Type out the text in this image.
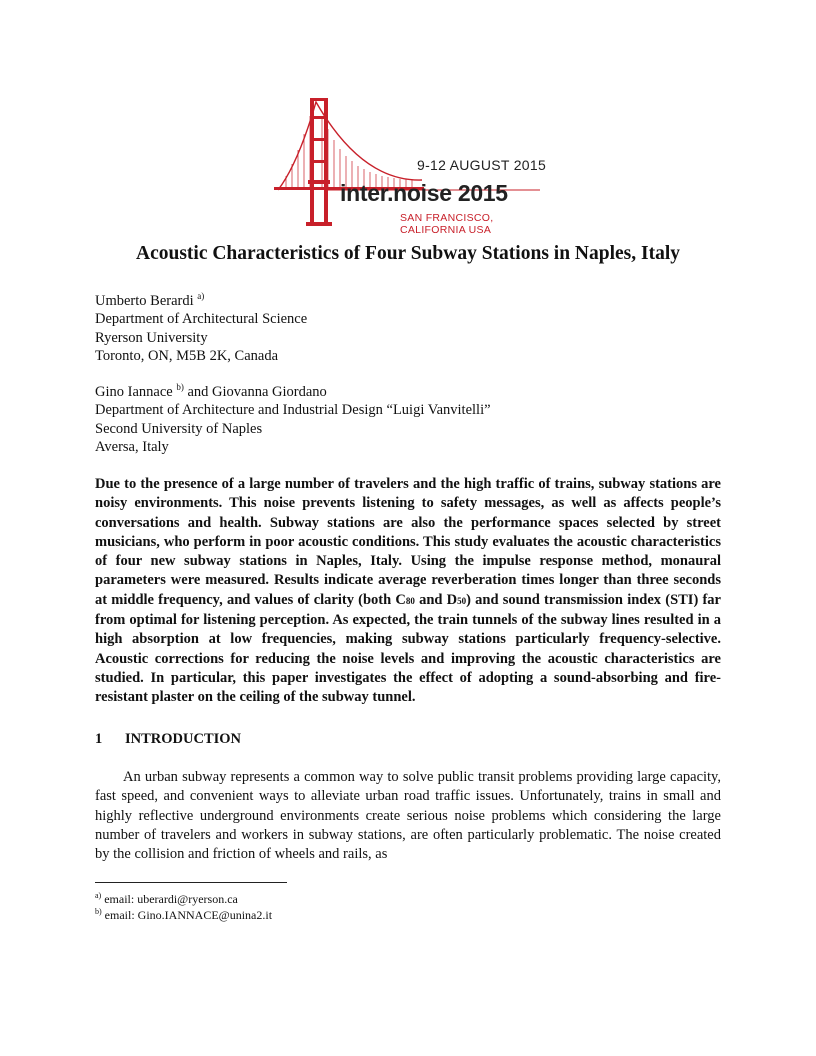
9-12 AUGUST 2015
inter.noise 2015
SAN FRANCISCO, CALIFORNIA USA
Acoustic Characteristics of Four Subway Stations in Naples, Italy
Umberto Berardi $^{a)}$
Department of Architectural Science
Ryerson University
Toronto, ON, M5B 2K, Canada
Gino Iannace $^{b)}$ and Giovanna Giordano
Department of Architecture and Industrial Design “Luigi Vanvitelli”
Second University of Naples
Aversa, Italy

Due to the presence of a large number of travelers and the high traffic of trains, subway stations are noisy environments. This noise prevents listening to safety messages, as well as affects people’s conversations and health. Subway stations are also the performance spaces selected by street musicians, who perform in poor acoustic conditions. This study evaluates the acoustic characteristics of four new subway stations in Naples, Italy. Using the impulse response method, monaural parameters were measured. Results indicate average reverberation times longer than three seconds at middle frequency, and values of clarity (both C80 and D50) and sound transmission index (STI) far from optimal for listening perception. As expected, the train tunnels of the subway lines resulted in a high absorption at low frequencies, making subway stations particularly frequency-selective. Acoustic corrections for reducing the noise levels and improving the acoustic characteristics are studied. In particular, this paper investigates the effect of adopting a sound-absorbing and fire-resistant plaster on the ceiling of the subway tunnel.

1 INTRODUCTION

An urban subway represents a common way to solve public transit problems providing large capacity, fast speed, and convenient ways to alleviate urban road traffic issues. Unfortunately, trains in small and highly reflective underground environments create serious noise problems which considering the large number of travelers and workers in subway stations, are often particularly problematic. The noise created by the collision and friction of wheels and rails, as

$^{a)}$ email: uberardi@ryerson.ca
$^{b)}$ email: Gino.IANNACE@unina2.it
